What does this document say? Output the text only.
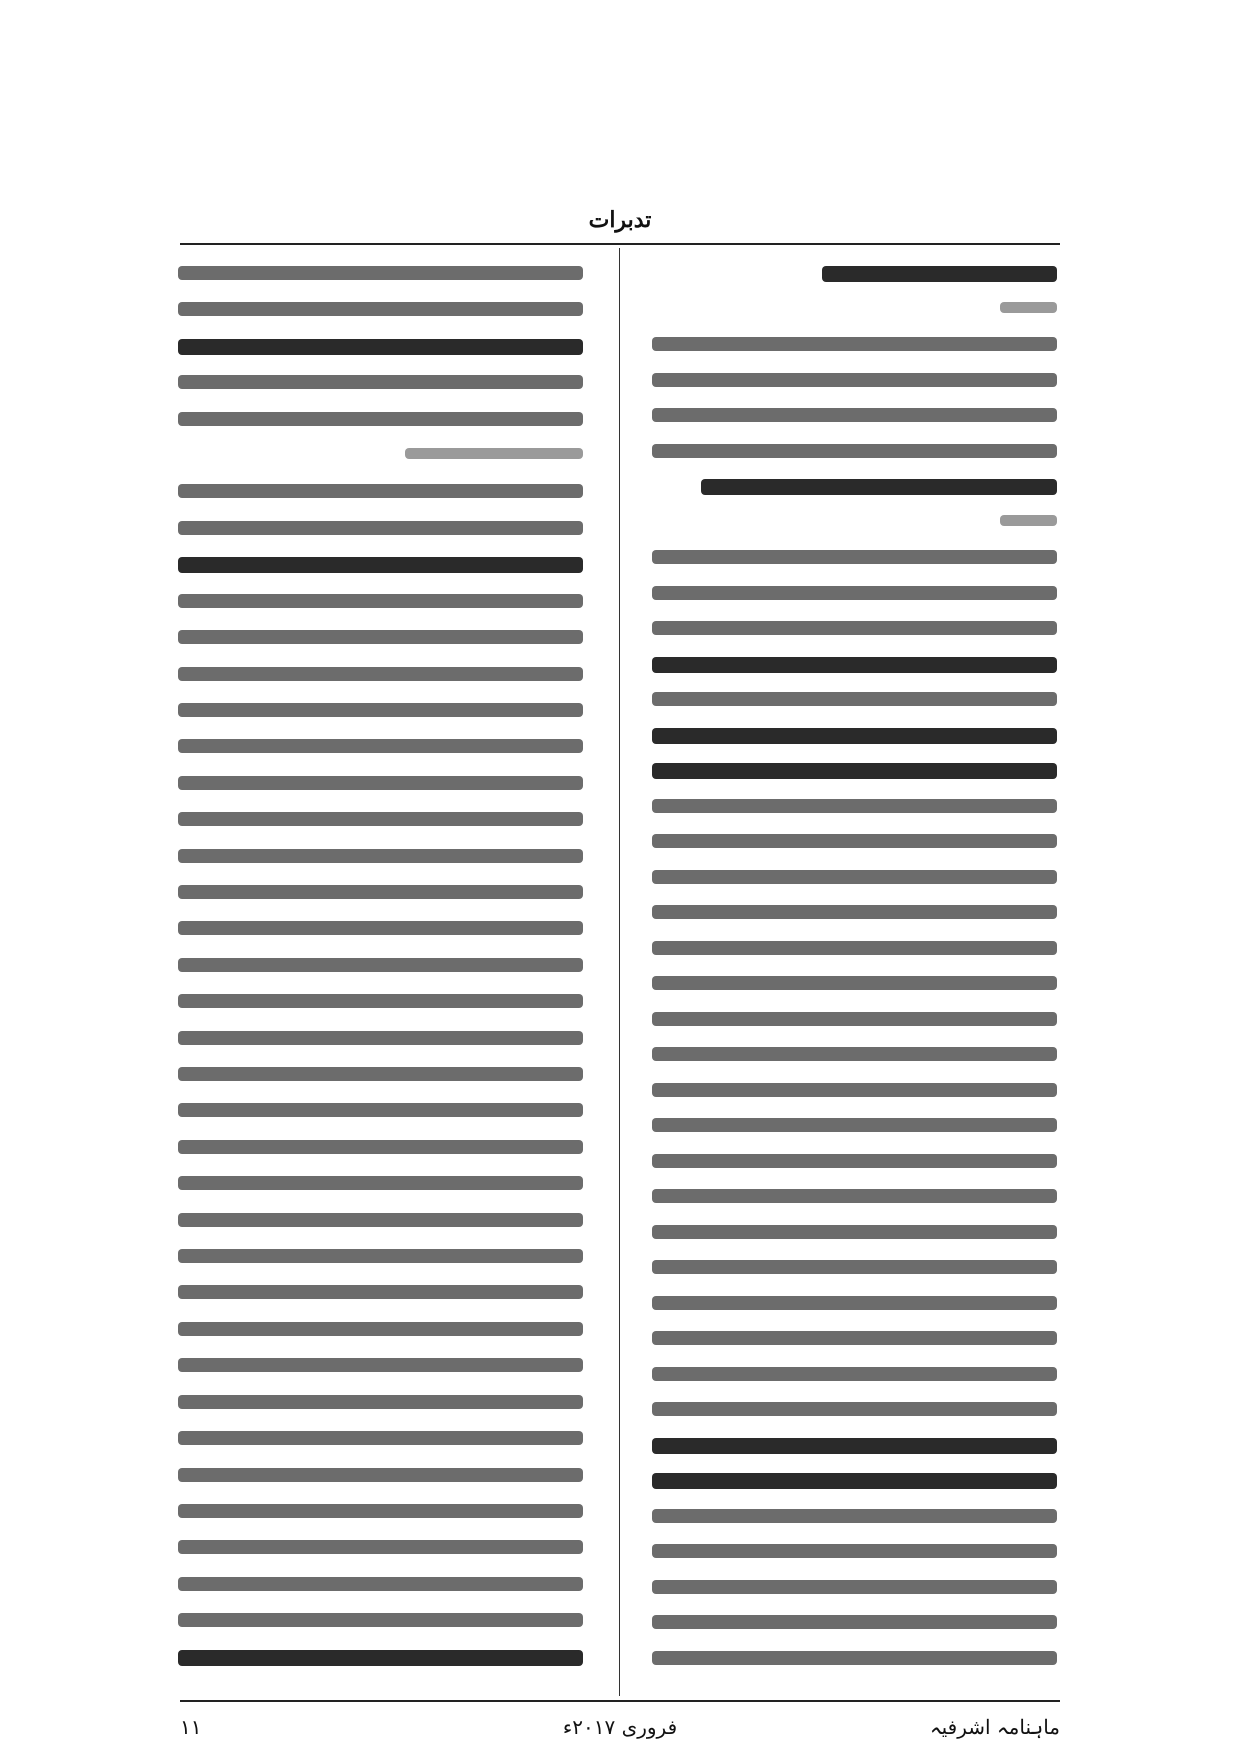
تدبرات
ماہنامہ اشرفیہ
فروری ۲۰۱۷ء
۱۱
